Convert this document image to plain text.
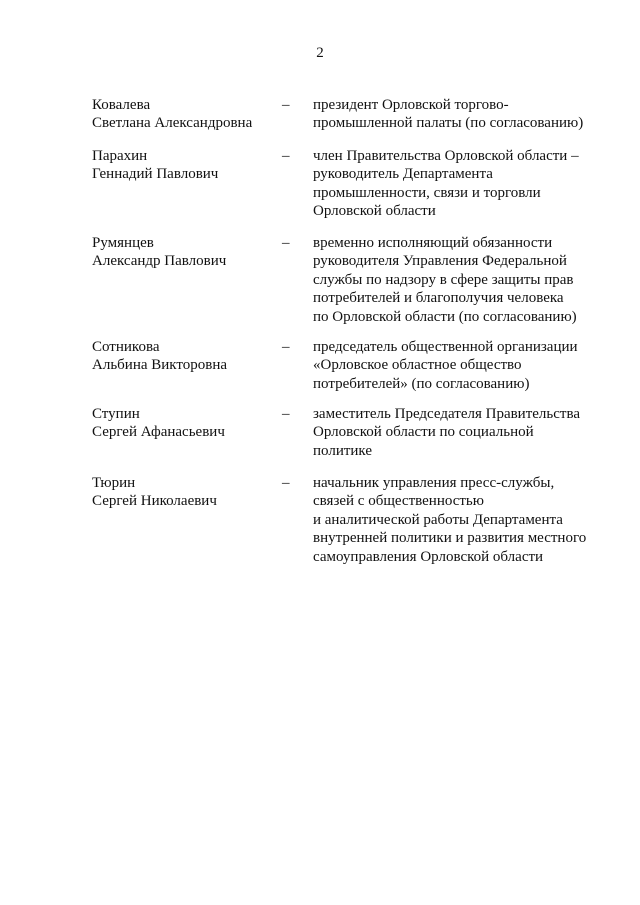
2
Ковалева
Светлана Александровна
–	президент Орловской торгово-
промышленной палаты (по согласованию)
Парахин
Геннадий Павлович
–	член Правительства Орловской области –
руководитель Департамента
промышленности, связи и торговли
Орловской области
Румянцев
Александр Павлович
–	временно исполняющий обязанности
руководителя Управления Федеральной
службы по надзору в сфере защиты прав
потребителей и благополучия человека
по Орловской области (по согласованию)
Сотникова
Альбина Викторовна
–	председатель общественной организации
«Орловское областное общество
потребителей» (по согласованию)
Ступин
Сергей Афанасьевич
–	заместитель Председателя Правительства
Орловской области по социальной
политике
Тюрин
Сергей Николаевич
–	начальник управления пресс-службы,
связей с общественностью
и аналитической работы Департамента
внутренней политики и развития местного
самоуправления Орловской области
